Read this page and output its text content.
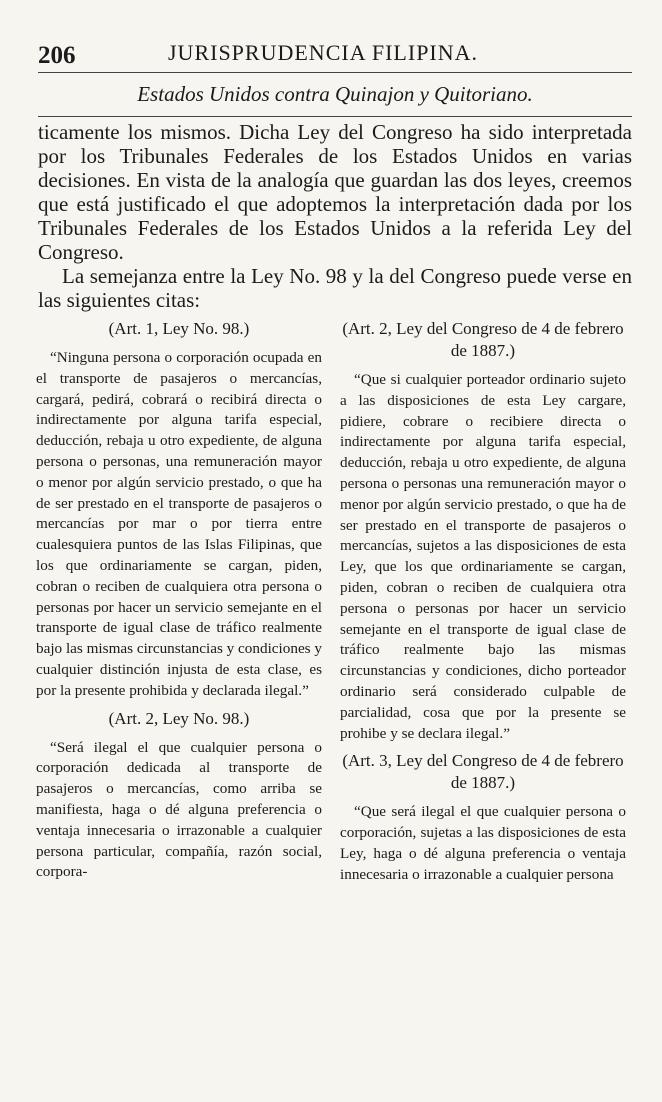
206	JURISPRUDENCIA FILIPINA.
Estados Unidos contra Quinajon y Quitoriano.

ticamente los mismos. Dicha Ley del Congreso ha sido interpretada por los Tribunales Federales de los Estados Unidos en varias decisiones. En vista de la analogía que guardan las dos leyes, creemos que está justificado el que adoptemos la interpretación dada por los Tribunales Federales de los Estados Unidos a la referida Ley del Congreso.

La semejanza entre la Ley No. 98 y la del Congreso puede verse en las siguientes citas:

(Art. 1, Ley No. 98.)

“Ninguna persona o corporación ocupada en el transporte de pasajeros o mercancías, cargará, pedirá, cobrará o recibirá directa o indirectamente por alguna tarifa especial, deducción, rebaja u otro expediente, de alguna persona o personas, una remuneración mayor o menor por algún servicio prestado, o que ha de ser prestado en el transporte de pasajeros o mercancías por mar o por tierra entre cualesquiera puntos de las Islas Filipinas, que los que ordinariamente se cargan, piden, cobran o reciben de cualquiera otra persona o personas por hacer un servicio semejante en el transporte de igual clase de tráfico realmente bajo las mismas circunstancias y condiciones y cualquier distinción injusta de esta clase, es por la presente prohibida y declarada ilegal.”

(Art. 2, Ley No. 98.)

“Será ilegal el que cualquier persona o corporación dedicada al transporte de pasajeros o mercancías, como arriba se manifiesta, haga o dé alguna preferencia o ventaja innecesaria o irrazonable a cualquier persona particular, compañía, razón social, corpora-

(Art. 2, Ley del Congreso de 4 de febrero de 1887.)

“Que si cualquier porteador ordinario sujeto a las disposiciones de esta Ley cargare, pidiere, cobrare o recibiere directa o indirectamente por alguna tarifa especial, deducción, rebaja u otro expediente, de alguna persona o personas una remuneración mayor o menor por algún servicio prestado, o que ha de ser prestado en el transporte de pasajeros o mercancías, sujetos a las disposiciones de esta Ley, que los que ordinariamente se cargan, piden, cobran o reciben de cualquiera otra persona o personas por hacer un servicio semejante en el transporte de igual clase de tráfico realmente bajo las mismas circunstancias y condiciones, dicho porteador ordinario será considerado culpable de parcialidad, cosa que por la presente se prohibe y se declara ilegal.”

(Art. 3, Ley del Congreso de 4 de febrero de 1887.)

“Que será ilegal el que cualquier persona o corporación, sujetas a las disposiciones de esta Ley, haga o dé alguna preferencia o ventaja innecesaria o irrazonable a cualquier persona
